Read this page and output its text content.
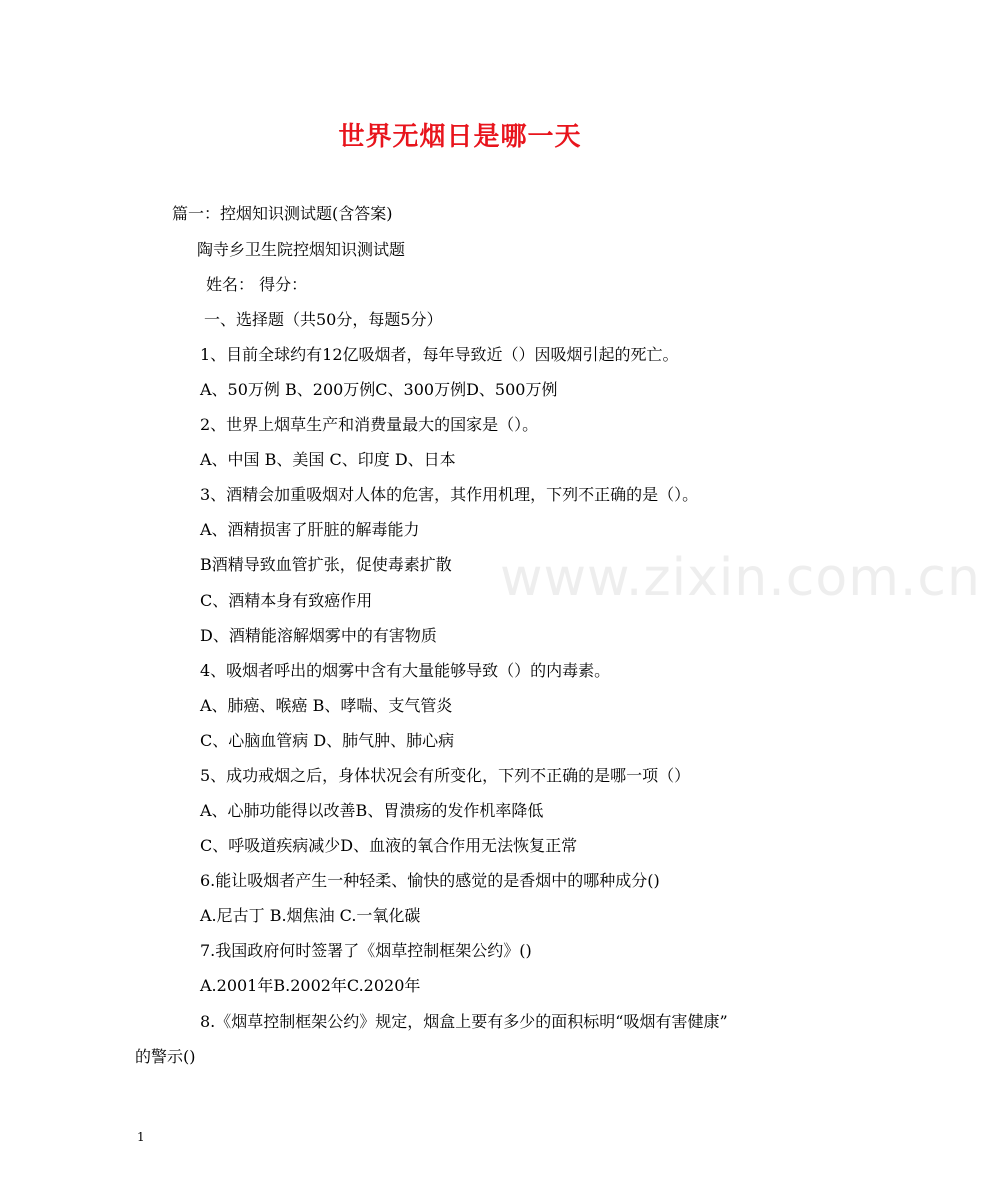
www.zixin.com.cn
世界无烟日是哪一天
篇一：控烟知识测试题(含答案)
陶寺乡卫生院控烟知识测试题
姓名： 得分：
一、选择题（共50分，每题5分）
1、目前全球约有12亿吸烟者，每年导致近（）因吸烟引起的死亡。
A、50万例 B、200万例C、300万例D、500万例
2、世界上烟草生产和消费量最大的国家是（）。
A、中国 B、美国 C、印度 D、日本
3、酒精会加重吸烟对人体的危害，其作用机理，下列不正确的是（）。
A、酒精损害了肝脏的解毒能力
B酒精导致血管扩张，促使毒素扩散
C、酒精本身有致癌作用
D、酒精能溶解烟雾中的有害物质
4、吸烟者呼出的烟雾中含有大量能够导致（）的内毒素。
A、肺癌、喉癌 B、哮喘、支气管炎
C、心脑血管病 D、肺气肿、肺心病
5、成功戒烟之后，身体状况会有所变化，下列不正确的是哪一项（）
A、心肺功能得以改善B、胃溃疡的发作机率降低
C、呼吸道疾病减少D、血液的氧合作用无法恢复正常
6.能让吸烟者产生一种轻柔、愉快的感觉的是香烟中的哪种成分()
A.尼古丁 B.烟焦油 C.一氧化碳
7.我国政府何时签署了《烟草控制框架公约》()
A.2001年B.2002年C.2020年
8.《烟草控制框架公约》规定，烟盒上要有多少的面积标明“吸烟有害健康”
的警示()
1
